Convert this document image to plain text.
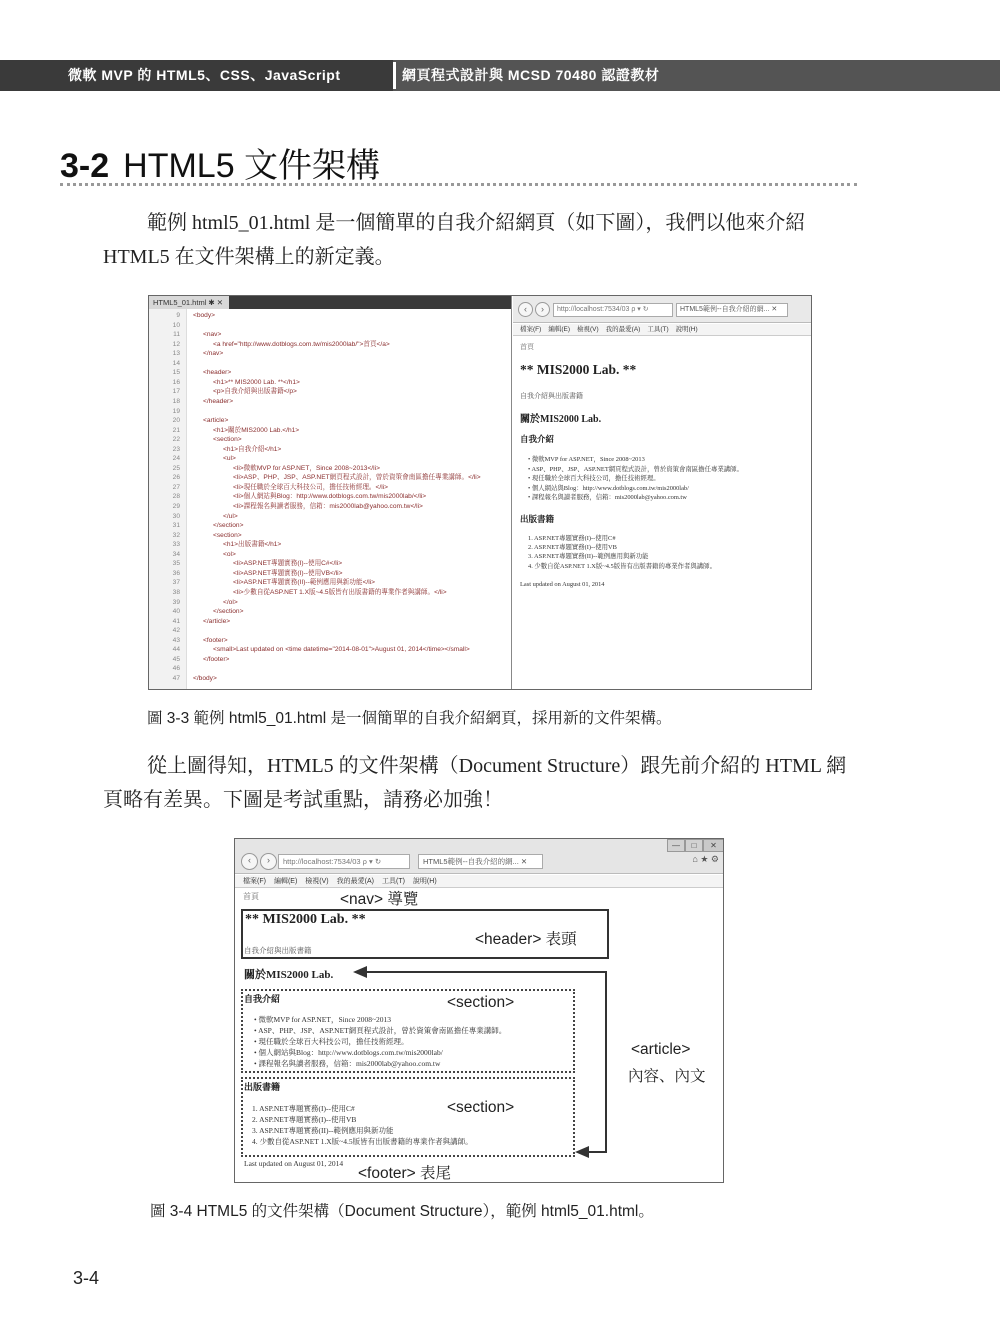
微軟 MVP 的 HTML5、CSS、JavaScript	網頁程式設計與 MCSD 70480 認證教材
3-2 HTML5 文件架構
範例 html5_01.html 是一個簡單的自我介紹網頁（如下圖），我們以他來介紹 HTML5 在文件架構上的新定義。
HTML5_01.html ✱ ✕
9 <body>
10
11	<nav>
12	<a href="http://www.dotblogs.com.tw/mis2000lab/">首頁</a>
13	</nav>
14
15	<header>
16	<h1>** MIS2000 Lab. **</h1>
17	<p>自我介紹與出版書籍</p>
18	</header>
19
20	<article>
21	<h1>關於MIS2000 Lab.</h1>
22	<section>
23	<h1>自我介紹</h1>
24	<ul>
25	<li>微軟MVP for ASP.NET，Since 2008~2013</li>
26	<li>ASP、PHP、JSP、ASP.NET網頁程式設計，曾於資策會南區擔任專業講師。</li>
27	<li>現任職於全球百大科技公司，擔任技術經理。</li>
28	<li>個人網站與Blog：http://www.dotblogs.com.tw/mis2000lab/</li>
29	<li>課程報名與讀者服務，信箱：mis2000lab@yahoo.com.tw</li>
30	</ul>
31	</section>
32	<section>
33	<h1>出版書籍</h1>
34	<ol>
35	<li>ASP.NET專題實務(I)--使用C#</li>
36	<li>ASP.NET專題實務(I)--使用VB</li>
37	<li>ASP.NET專題實務(II)--範例應用與新功能</li>
38	<li>少數自從ASP.NET 1.X版~4.5版皆有出版書籍的專業作者與講師。</li>
39	</ol>
40	</section>
41	</article>
42
43	<footer>
44	<small>Last updated on <time datetime="2014-08-01">August 01, 2014</time></small>
45	</footer>
46
47 </body>
‹	›	http://localhost:7534/03 ρ ▾ ↻	HTML5範例--自我介紹的網... ✕
檔案(F) 編輯(E) 檢視(V) 我的最愛(A) 工具(T) 說明(H)
首頁
** MIS2000 Lab. **
自我介紹與出版書籍
關於MIS2000 Lab.
自我介紹
• 微軟MVP for ASP.NET，Since 2008~2013
• ASP、PHP、JSP、ASP.NET網頁程式設計，曾於資策會南區擔任專業講師。
• 現任職於全球百大科技公司，擔任技術經理。
• 個人網站與Blog：http://www.dotblogs.com.tw/mis2000lab/
• 課程報名與讀者服務，信箱：mis2000lab@yahoo.com.tw
出版書籍
1. ASP.NET專題實務(I)--使用C#
2. ASP.NET專題實務(I)--使用VB
3. ASP.NET專題實務(II)--範例應用與新功能
4. 少數自從ASP.NET 1.X版~4.5版皆有出版書籍的專業作者與講師。
Last updated on August 01, 2014
圖 3-3 範例 html5_01.html 是一個簡單的自我介紹網頁，採用新的文件架構。
從上圖得知，HTML5 的文件架構（Document Structure）跟先前介紹的 HTML 網頁略有差異。下圖是考試重點，請務必加強！
—	□	✕
‹	›	http://localhost:7534/03 ρ ▾ ↻	HTML5範例--自我介紹的網... ✕	⌂ ★ ⚙
檔案(F) 編輯(E) 檢視(V) 我的最愛(A) 工具(T) 說明(H)
首頁	<nav> 導覽
** MIS2000 Lab. **
自我介紹與出版書籍
<header> 表頭
關於MIS2000 Lab.
<article>
內容、內文
自我介紹	<section>
• 微軟MVP for ASP.NET，Since 2008~2013
• ASP、PHP、JSP、ASP.NET網頁程式設計，曾於資策會南區擔任專業講師。
• 現任職於全球百大科技公司，擔任技術經理。
• 個人網站與Blog：http://www.dotblogs.com.tw/mis2000lab/
• 課程報名與讀者服務，信箱：mis2000lab@yahoo.com.tw
出版書籍
<section>
1. ASP.NET專題實務(I)--使用C#
2. ASP.NET專題實務(I)--使用VB
3. ASP.NET專題實務(II)--範例應用與新功能
4. 少數自從ASP.NET 1.X版~4.5版皆有出版書籍的專業作者與講師。
Last updated on August 01, 2014
<footer> 表尾
圖 3-4 HTML5 的文件架構（Document Structure），範例 html5_01.html。
3-4
